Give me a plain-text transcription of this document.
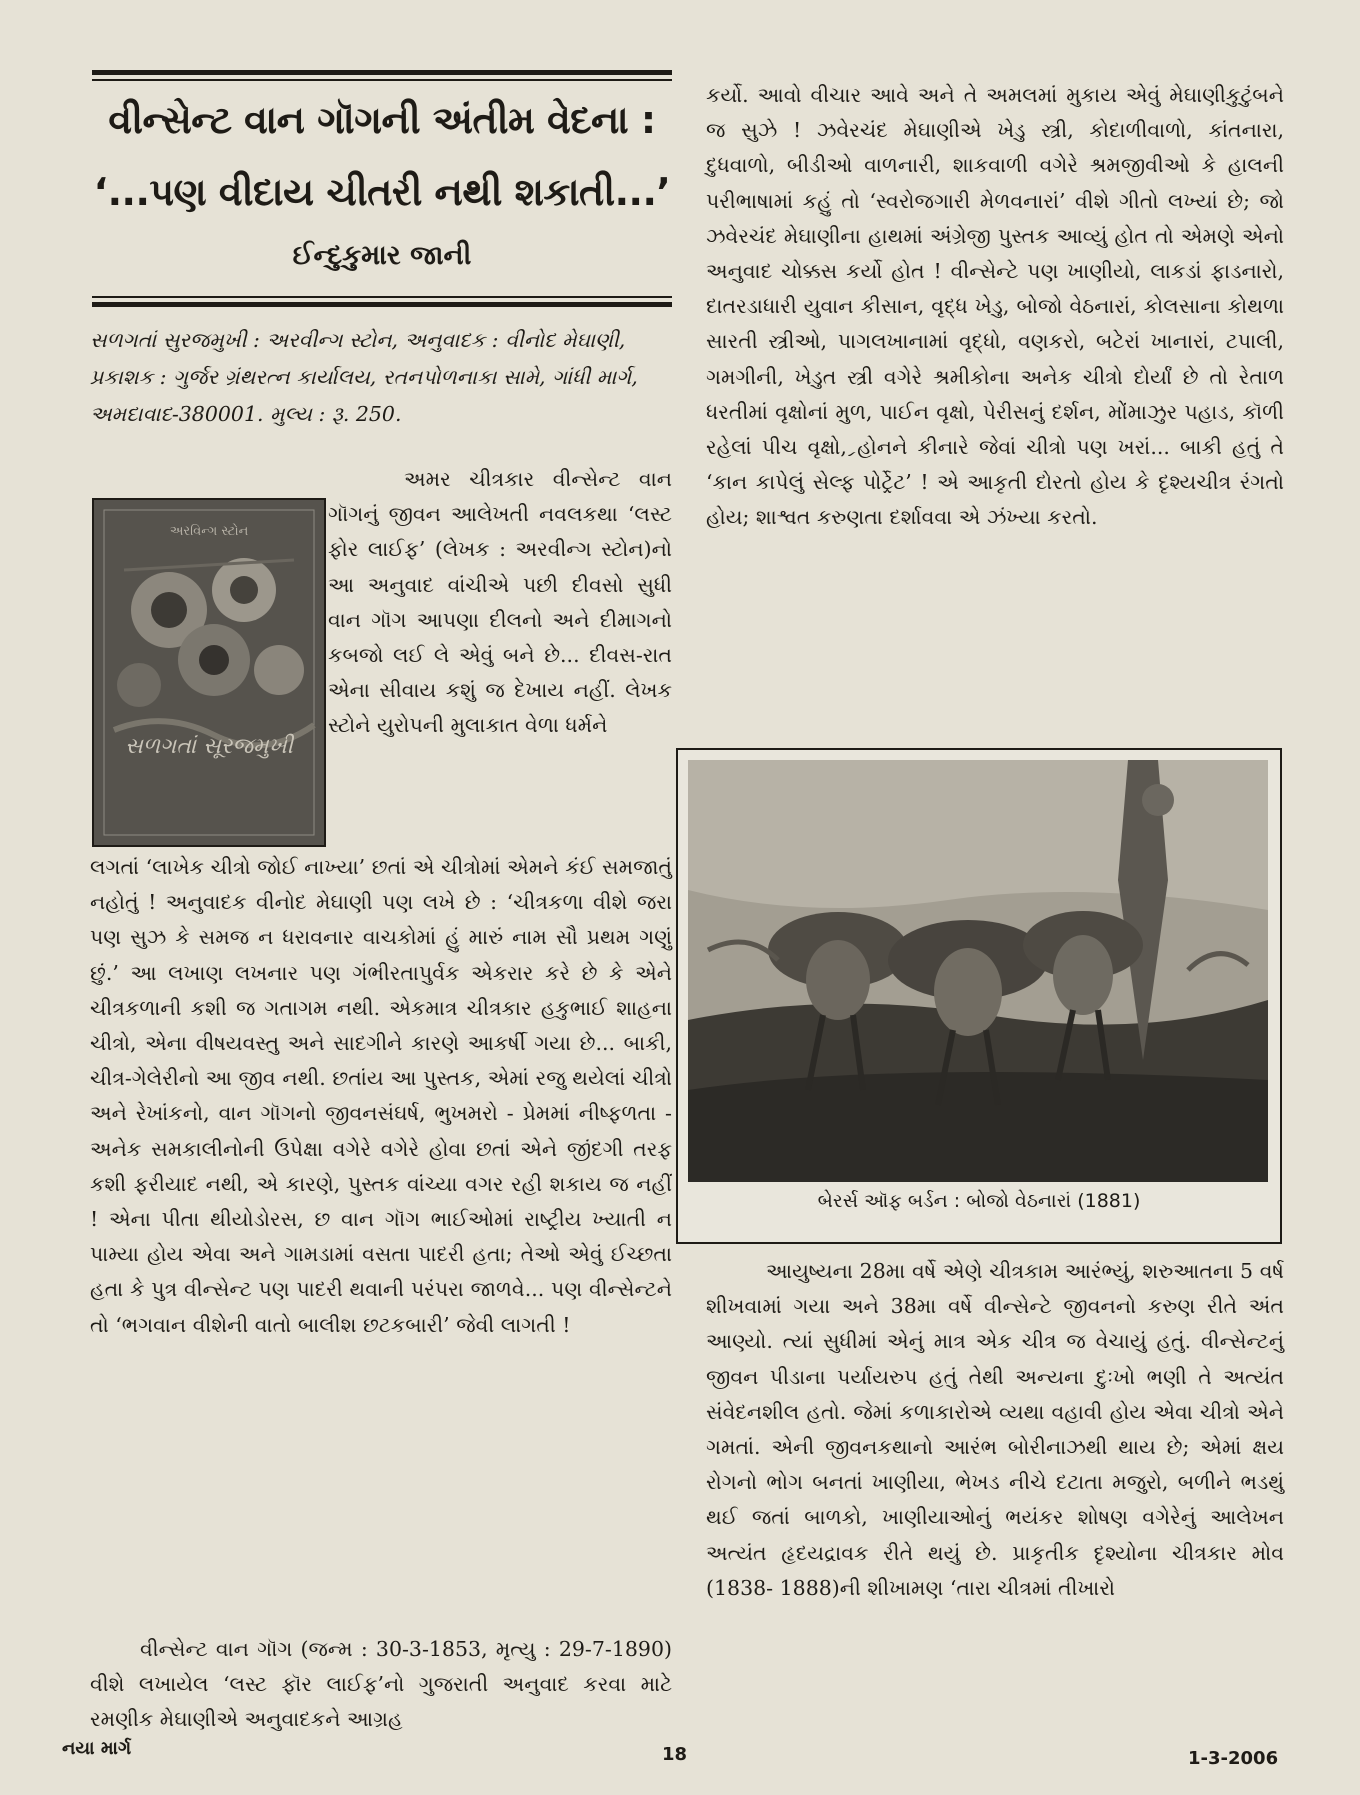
વીન્સેન્ટ વાન ગૉગની અંતીમ વેદના :
‘...પણ વીદાય ચીતરી નથી શકાતી...’
ઈન્દુકુમાર જાની
સળગતાં સુરજમુખી : અરવીન્ગ સ્ટોન, અનુવાદક : વીનોદ મેઘાણી, પ્રકાશક : ગુર્જર ગ્રંથરત્ન કાર્યાલય, રતનપોળનાકા સામે, ગાંધી માર્ગ, અમદાવાદ-380001. મુલ્ય : રૂ. 250.
અરવિન્ગ સ્ટોન
સળગતાં સૂરજમુખી

અમર ચીત્રકાર વીન્સેન્ટ વાન ગૉગનું જીવન આલેખતી નવલકથા ‘લસ્ટ ફોર લાઈફ’ (લેખક : અરવીન્ગ સ્ટોન)નો આ અનુવાદ વાંચીએ પછી દીવસો સુધી વાન ગૉગ આપણા દીલનો અને દીમાગનો કબજો લઈ લે એવું બને છે... દીવસ-રાત એના સીવાય કશું જ દેખાય નહીં. લેખક સ્ટોને યુરોપની મુલાકાત વેળા ધર્મને

લગતાં ‘લાખેક ચીત્રો જોઈ નાખ્યા’ છતાં એ ચીત્રોમાં એમને કંઈ સમજાતું નહોતું ! અનુવાદક વીનોદ મેઘાણી પણ લખે છે : ‘ચીત્રકળા વીશે જરા પણ સુઝ કે સમજ ન ધરાવનાર વાચકોમાં હું મારું નામ સૌ પ્રથમ ગણું છું.’ આ લખાણ લખનાર પણ ગંભીરતાપુર્વક એકરાર કરે છે કે એને ચીત્રકળાની કશી જ ગતાગમ નથી. એકમાત્ર ચીત્રકાર હકુભાઈ શાહના ચીત્રો, એના વીષયવસ્તુ અને સાદગીને કારણે આકર્ષી ગયા છે... બાકી, ચીત્ર-ગેલેરીનો આ જીવ નથી. છતાંય આ પુસ્તક, એમાં રજુ થયેલાં ચીત્રો અને રેખાંકનો, વાન ગૉગનો જીવનસંઘર્ષ, ભુખમરો - પ્રેમમાં નીષ્ફળતા - અનેક સમકાલીનોની ઉપેક્ષા વગેરે વગેરે હોવા છતાં એને જીંદગી તરફ કશી ફરીયાદ નથી, એ કારણે, પુસ્તક વાંચ્યા વગર રહી શકાય જ નહીં ! એના પીતા થીયોડોરસ, છ વાન ગૉગ ભાઈઓમાં રાષ્ટ્રીય ખ્યાતી ન પામ્યા હોય એવા અને ગામડામાં વસતા પાદરી હતા; તેઓ એવું ઈચ્છતા હતા કે પુત્ર વીન્સેન્ટ પણ પાદરી થવાની પરંપરા જાળવે... પણ વીન્સેન્ટને તો ‘ભગવાન વીશેની વાતો બાલીશ છટકબારી’ જેવી લાગતી !

વીન્સેન્ટ વાન ગૉગ (જન્મ : 30-3-1853, મૃત્યુ : 29-7-1890) વીશે લખાયેલ ‘લસ્ટ ફૉર લાઈફ’નો ગુજરાતી અનુવાદ કરવા માટે રમણીક મેઘાણીએ અનુવાદકને આગ્રહ

કર્યો. આવો વીચાર આવે અને તે અમલમાં મુકાય એવું મેઘાણીકુટુંબને જ સુઝે ! ઝવેરચંદ મેઘાણીએ ખેડુ સ્ત્રી, કોદાળીવાળો, કાંતનારા, દુધવાળો, બીડીઓ વાળનારી, શાકવાળી વગેરે શ્રમજીવીઓ કે હાલની પરીભાષામાં કહું તો ‘સ્વરોજગારી મેળવનારાં’ વીશે ગીતો લખ્યાં છે; જો ઝવેરચંદ મેઘાણીના હાથમાં અંગ્રેજી પુસ્તક આવ્યું હોત તો એમણે એનો અનુવાદ ચોક્કસ કર્યો હોત ! વીન્સેન્ટે પણ ખાણીયો, લાકડાં ફાડનારો, દાતરડાધારી યુવાન કીસાન, વૃદ્ધ ખેડુ, બોજો વેઠનારાં, કોલસાના કોથળા સારતી સ્ત્રીઓ, પાગલખાનામાં વૃદ્ધો, વણકરો, બટેરાં ખાનારાં, ટપાલી, ગમગીની, ખેડુત સ્ત્રી વગેરે શ્રમીકોના અનેક ચીત્રો દોર્યાં છે તો રેતાળ ધરતીમાં વૃક્ષોનાં મુળ, પાઈન વૃક્ષો, પેરીસનું દર્શન, મોંમાઝુર પહાડ, કૉળી રહેલાં પીચ વૃક્ષો, ર્‍હોનને કીનારે જેવાં ચીત્રો પણ ખરાં... બાકી હતું તે ‘કાન કાપેલું સેલ્ફ પોર્ટ્રેટ’ ! એ આકૃતી દોરતો હોય કે દૃશ્યચીત્ર રંગતો હોય; શાશ્વત કરુણતા દર્શાવવા એ ઝંખ્યા કરતો.

બેરર્સ ઑફ બર્ડન : બોજો વેઠનારાં (1881)

આયુષ્યના 28મા વર્ષે એણે ચીત્રકામ આરંભ્યું, શરુઆતના 5 વર્ષ શીખવામાં ગયા અને 38મા વર્ષે વીન્સેન્ટે જીવનનો કરુણ રીતે અંત આણ્યો. ત્યાં સુધીમાં એનું માત્ર એક ચીત્ર જ વેચાયું હતું. વીન્સેન્ટનું જીવન પીડાના પર્યાયરુપ હતું તેથી અન્યના દુઃખો ભણી તે અત્યંત સંવેદનશીલ હતો. જેમાં કળાકારોએ વ્યથા વહાવી હોય એવા ચીત્રો એને ગમતાં. એની જીવનકથાનો આરંભ બોરીનાઝથી થાય છે; એમાં ક્ષય રોગનો ભોગ બનતાં ખાણીયા, ભેખડ નીચે દટાતા મજુરો, બળીને ભડથું થઈ જતાં બાળકો, ખાણીયાઓનું ભયંકર શોષણ વગેરેનું આલેખન અત્યંત હૃદયદ્રાવક રીતે થયું છે. પ્રાકૃતીક દૃશ્યોના ચીત્રકાર મોવ (1838- 1888)ની શીખામણ ‘તારા ચીત્રમાં તીખારો

નયા માર્ગ	18	1-3-2006
